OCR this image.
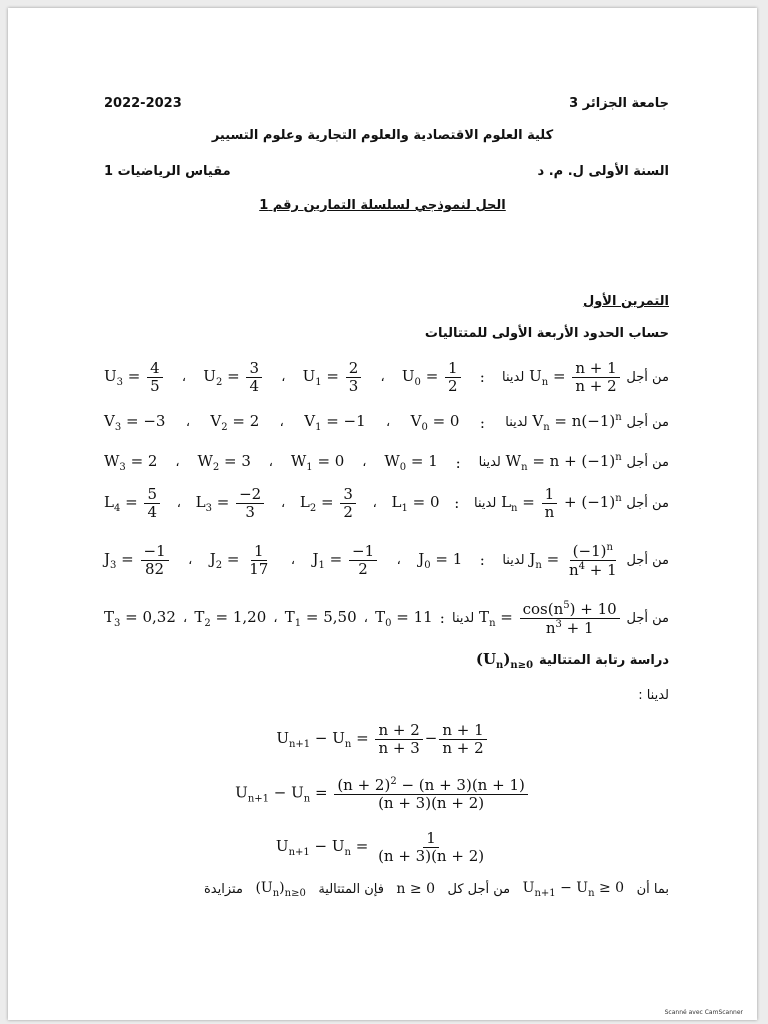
جامعة الجزائر 3
2022-2023
كلية العلوم الاقتصادية والعلوم التجارية وعلوم التسيير
السنة الأولى ل. م. د
مقياس الرياضيات 1
الحل لنموذجي لسلسلة التمارين رقم 1
التمرين الأول
حساب الحدود الأربعة الأولى للمتتاليات
$U_3 = \frac{4}{5}$ ، $U_2 = \frac{3}{4}$ ، $U_1 = \frac{2}{3}$ ، $U_0 = \frac{1}{2}$ : لدينا $U_n = \frac{n + 1}{n + 2}$ من أجل
$V_3 = -3$ ، $V_2 = 2$ ، $V_1 = -1$ ، $V_0 = 0$ : لدينا $V_n = n(-1)^n$ من أجل
$W_3 = 2$ ، $W_2 = 3$ ، $W_1 = 0$ ، $W_0 = 1$ : لدينا $W_n = n + (-1)^n$ من أجل
$L_4 = \frac{5}{4}$ ، $L_3 = \frac{-2}{3}$ ، $L_2 = \frac{3}{2}$ ، $L_1 = 0$ : لدينا $L_n = \frac{1}{n} + (-1)^n$ من أجل
$J_3 = \frac{-1}{82}$ ، $J_2 = \frac{1}{17}$ ، $J_1 = \frac{-1}{2}$ ، $J_0 = 1$ : لدينا $J_n = \frac{(-1)^n}{n^4 + 1}$ من أجل
$T_3 = 0,32$ ، $T_2 = 1,20$ ، $T_1 = 5,50$ ، $T_0 = 11$ : لدينا $T_n = \frac{\cos(n^5) + 10}{n^3 + 1}$ من أجل
$(U_n)_{n\ge 0}$ دراسة رتابة المتتالية
لدينا :
$U_{n+1} - U_n = \frac{n + 2}{n + 3} - \frac{n + 1}{n + 2}$
$U_{n+1} - U_n = \frac{(n + 2)^2 - (n + 3)(n + 1)}{(n + 3)(n + 2)}$
$U_{n+1} - U_n = \frac{1}{(n + 3)(n + 2)}$
متزايدة $(U_n)_{n\ge 0}$ فإن المتتالية n ≥ 0 من أجل كل $U_{n+1} - U_n \ge 0$ بما أن
Scanné avec CamScanner
